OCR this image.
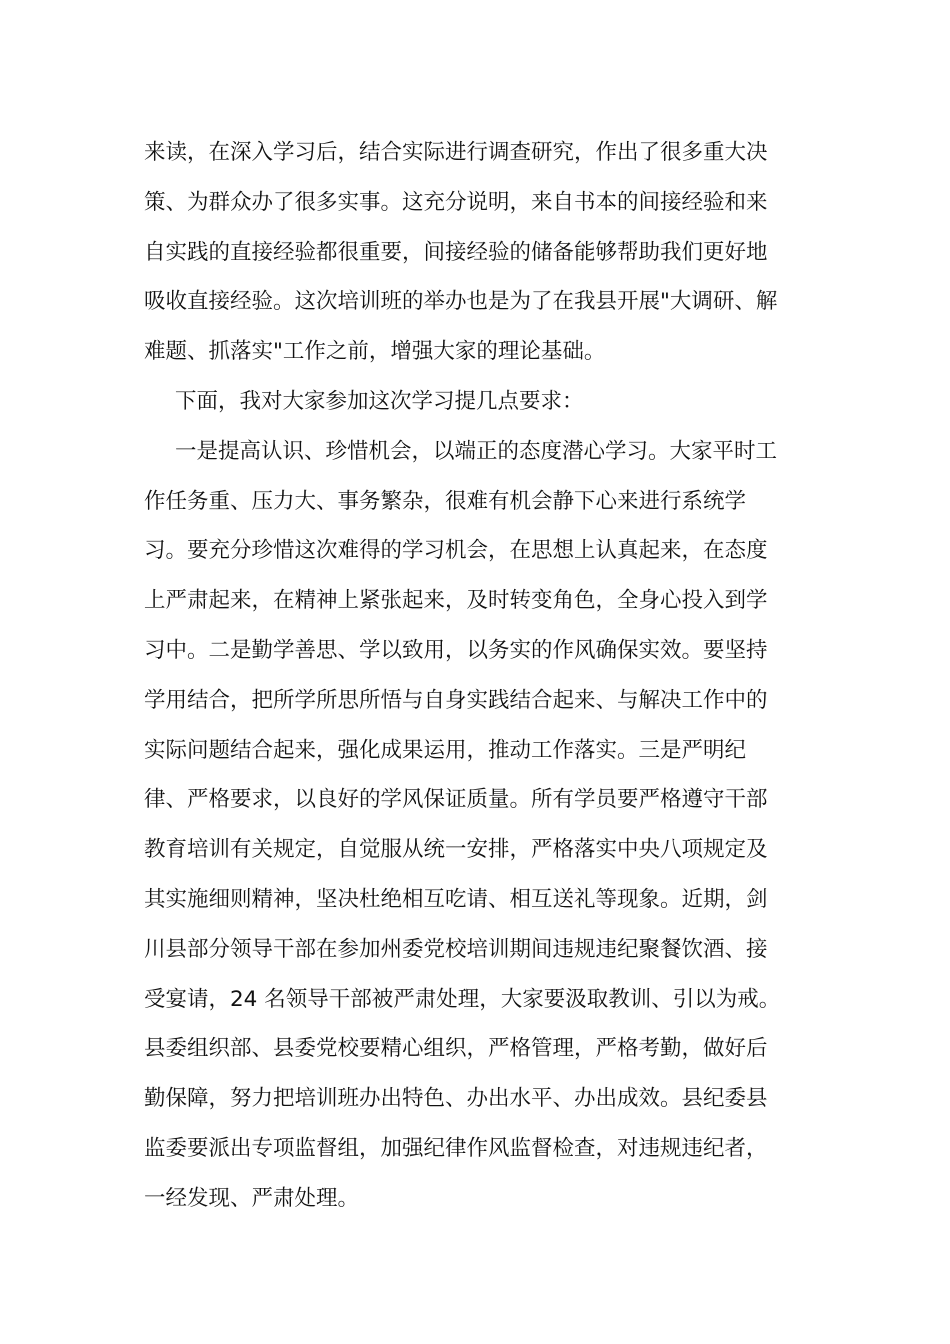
来读，在深入学习后，结合实际进行调查研究，作出了很多重大决
策、为群众办了很多实事。这充分说明，来自书本的间接经验和来
自实践的直接经验都很重要，间接经验的储备能够帮助我们更好地
吸收直接经验。这次培训班的举办也是为了在我县开展"大调研、解
难题、抓落实"工作之前，增强大家的理论基础。
下面，我对大家参加这次学习提几点要求：
一是提高认识、珍惜机会，以端正的态度潜心学习。大家平时工
作任务重、压力大、事务繁杂，很难有机会静下心来进行系统学
习。要充分珍惜这次难得的学习机会，在思想上认真起来，在态度
上严肃起来，在精神上紧张起来，及时转变角色，全身心投入到学
习中。二是勤学善思、学以致用，以务实的作风确保实效。要坚持
学用结合，把所学所思所悟与自身实践结合起来、与解决工作中的
实际问题结合起来，强化成果运用，推动工作落实。三是严明纪
律、严格要求，以良好的学风保证质量。所有学员要严格遵守干部
教育培训有关规定，自觉服从统一安排，严格落实中央八项规定及
其实施细则精神，坚决杜绝相互吃请、相互送礼等现象。近期，剑
川县部分领导干部在参加州委党校培训期间违规违纪聚餐饮酒、接
受宴请，24 名领导干部被严肃处理，大家要汲取教训、引以为戒。
县委组织部、县委党校要精心组织，严格管理，严格考勤，做好后
勤保障，努力把培训班办出特色、办出水平、办出成效。县纪委县
监委要派出专项监督组，加强纪律作风监督检查，对违规违纪者，
一经发现、严肃处理。
